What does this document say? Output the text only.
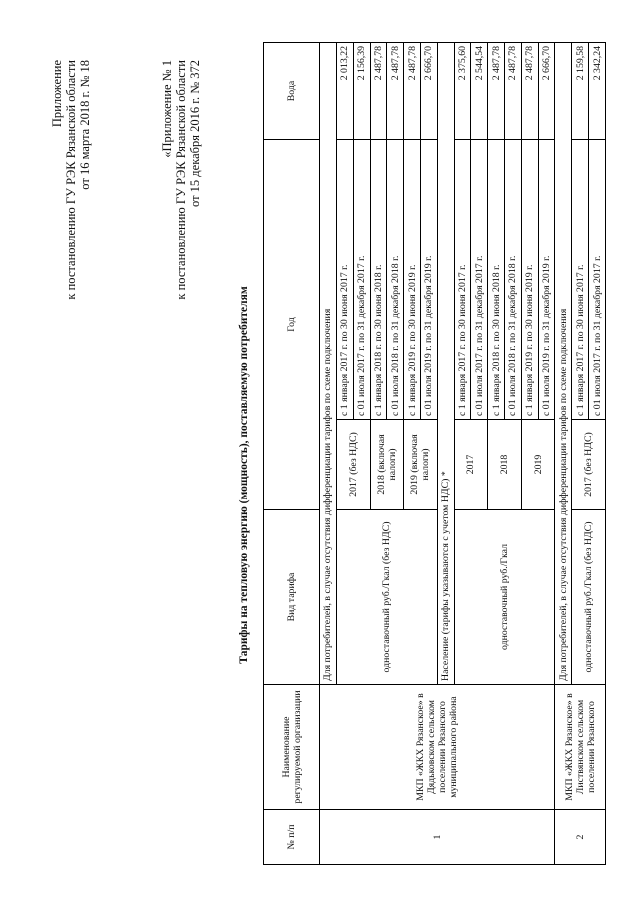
Приложение к постановлению ГУ РЭК Рязанской области от 16 марта 2018 г. № 18	«Приложение № 1 к постановлению ГУ РЭК Рязанской области от 15 декабря 2016 г. № 372
Тарифы на тепловую энергию (мощность), поставляемую потребителям
№ п/п	Наименование регулируемой организации	Вид тарифа	Год		Вода
1	МКП «ЖКХ Рязанское» в Дядьковском сельском поселении Рязанского муниципального района	Для потребителей, в случае отсутствия дифференциации тарифов по схеме подключения			
		одноставочный руб./Гкал (без НДС)	2017 (без НДС)	с 1 января 2017 г. по 30 июня 2017 г.	2 013,22
				с 01 июля 2017 г. по 31 декабря 2017 г.	2 156,39
			2018 (включая налоги)	с 1 января 2018 г. по 30 июня 2018 г.	2 487,78
				с 01 июля 2018 г. по 31 декабря 2018 г.	2 487,78
			2019 (включая налоги)	с 1 января 2019 г. по 30 июня 2019 г.	2 487,78
				с 01 июля 2019 г. по 31 декабря 2019 г.	2 666,70
		Население (тарифы указываются с учетом НДС) *			
		одноставочный руб./Гкал	2017	с 1 января 2017 г. по 30 июня 2017 г.	2 375,60
				с 01 июля 2017 г. по 31 декабря 2017 г.	2 544,54
			2018	с 1 января 2018 г. по 30 июня 2018 г.	2 487,78
				с 01 июля 2018 г. по 31 декабря 2018 г.	2 487,78
			2019	с 1 января 2019 г. по 30 июня 2019 г.	2 487,78
				с 01 июля 2019 г. по 31 декабря 2019 г.	2 666,70
2	МКП «ЖКХ Рязанское» в Листвянском сельском поселении Рязанского	Для потребителей, в случае отсутствия дифференциации тарифов по схеме подключения			
		одноставочный руб./Гкал (без НДС)	2017 (без НДС)	с 1 января 2017 г. по 30 июня 2017 г.	2 159,58
				с 01 июля 2017 г. по 31 декабря 2017 г.	2 342,24
